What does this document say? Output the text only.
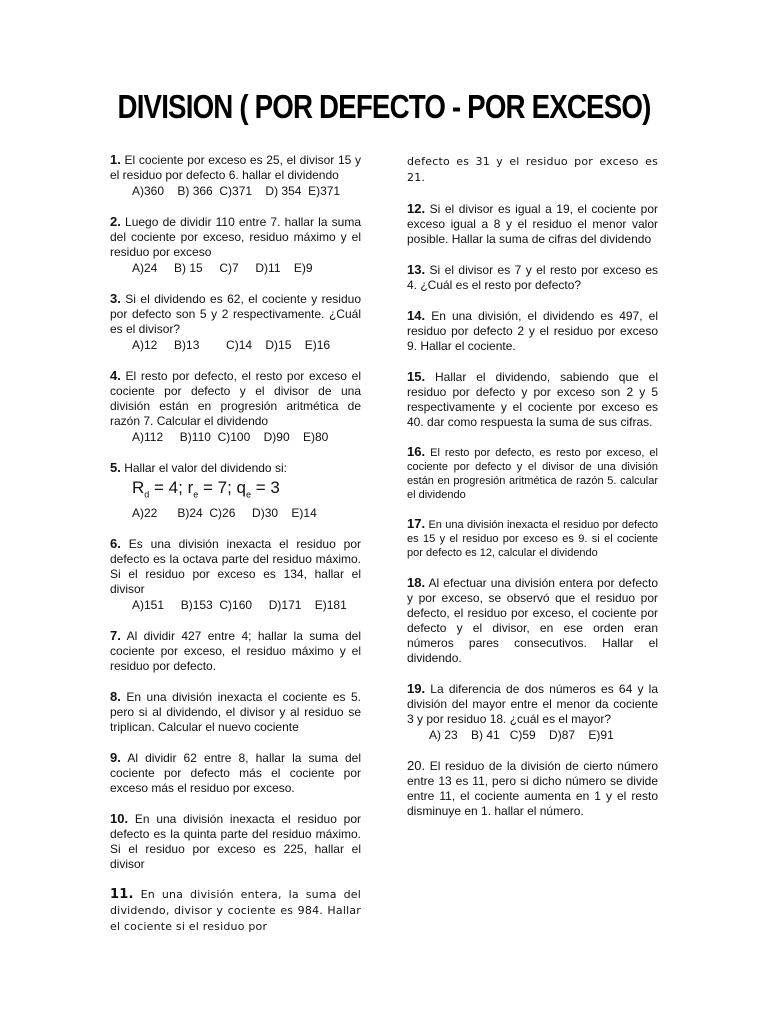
DIVISION ( POR DEFECTO - POR EXCESO)
1. El cociente por exceso es 25, el divisor 15 y el residuo por defecto 6. hallar el dividendo
A)360    B) 366  C)371    D) 354  E)371
2. Luego de dividir 110 entre 7. hallar la suma del cociente por exceso, residuo máximo y el residuo por exceso
A)24     B) 15     C)7     D)11    E)9
3. Si el dividendo es 62, el cociente y residuo por defecto son 5 y 2 respectivamente. ¿Cuál es el divisor?
A)12     B)13        C)14    D)15    E)16
4. El resto por defecto, el resto por exceso el cociente por defecto y el divisor de una división están en progresión aritmética de razón 7. Calcular el dividendo
A)112     B)110  C)100    D)90    E)80
5. Hallar el valor del dividendo si:
$R_d = 4$; $r_e = 7$; $q_e = 3$
A)22      B)24  C)26     D)30    E)14
6. Es una división inexacta el residuo por defecto es la octava parte del residuo máximo. Si el residuo por exceso es 134, hallar el divisor
A)151     B)153  C)160     D)171    E)181
7. Al dividir 427 entre 4; hallar la suma del cociente por exceso, el residuo máximo y el residuo por defecto.
8. En una división inexacta el cociente es 5. pero si al dividendo, el divisor y al residuo se triplican. Calcular el nuevo cociente
9. Al dividir 62 entre 8, hallar la suma del cociente por defecto más el cociente por exceso más el residuo por exceso.
10. En una división inexacta el residuo por defecto es la quinta parte del residuo máximo. Si el residuo por exceso es 225, hallar el divisor
11. En una división entera, la suma del dividendo, divisor y cociente es 984. Hallar el cociente si el residuo por
defecto es 31 y el residuo por exceso es 21.
12. Si el divisor es igual a 19, el cociente por exceso igual a 8 y el residuo el menor valor posible. Hallar la suma de cifras del dividendo
13. Si el divisor es 7 y el resto por exceso es 4. ¿Cuál es el resto por defecto?
14. En una división, el dividendo es 497, el residuo por defecto 2 y el residuo por exceso 9. Hallar el cociente.
15. Hallar el dividendo, sabiendo que el residuo por defecto y por exceso son 2 y 5 respectivamente y el cociente por exceso es 40. dar como respuesta la suma de sus cifras.
16. El resto por defecto, es resto por exceso, el cociente por defecto y el divisor de una división están en progresión aritmética de razón 5. calcular el dividendo
17. En una división inexacta el residuo por defecto es 15 y el residuo por exceso es 9. si el cociente por defecto es 12, calcular el dividendo
18. Al efectuar una división entera por defecto y por exceso, se observó que el residuo por defecto, el residuo por exceso, el cociente por defecto y el divisor, en ese orden eran números pares consecutivos. Hallar el dividendo.
19. La diferencia de dos números es 64 y la división del mayor entre el menor da cociente 3 y por residuo 18. ¿cuál es el mayor?
A) 23    B) 41   C)59    D)87    E)91
20. El residuo de la división de cierto número entre 13 es 11, pero si dicho número se divide entre 11, el cociente aumenta en 1 y el resto disminuye en 1. hallar el número.
